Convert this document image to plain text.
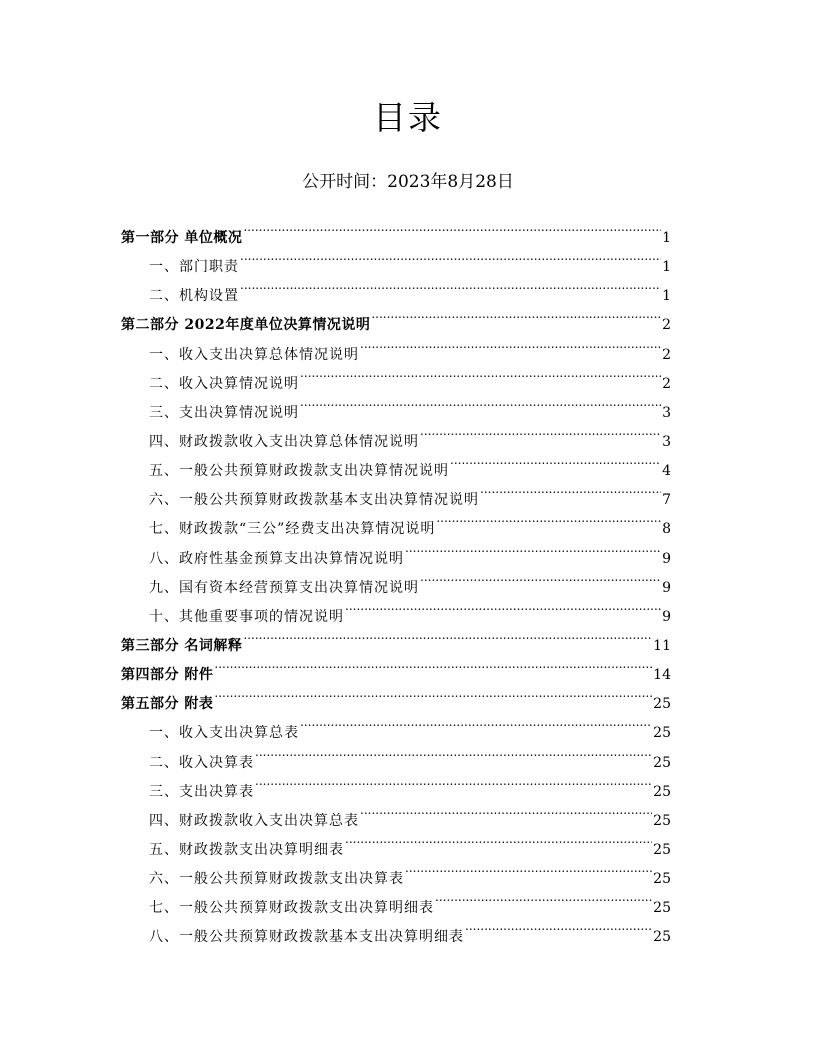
目录
公开时间：2023年8月28日
第一部分 单位概况 .....	1
一、部门职责 .....	1
二、机构设置 .....	1
第二部分 2022年度单位决算情况说明 .....	2
一、收入支出决算总体情况说明 .....	2
二、收入决算情况说明 .....	2
三、支出决算情况说明 .....	3
四、财政拨款收入支出决算总体情况说明 .....	3
五、一般公共预算财政拨款支出决算情况说明 .....	4
六、一般公共预算财政拨款基本支出决算情况说明 .....	7
七、财政拨款“三公”经费支出决算情况说明 .....	8
八、政府性基金预算支出决算情况说明 .....	9
九、国有资本经营预算支出决算情况说明 .....	9
十、其他重要事项的情况说明 .....	9
第三部分 名词解释 .....	11
第四部分 附件 .....	14
第五部分 附表 .....	25
一、收入支出决算总表 .....	25
二、收入决算表 .....	25
三、支出决算表 .....	25
四、财政拨款收入支出决算总表 .....	25
五、财政拨款支出决算明细表 .....	25
六、一般公共预算财政拨款支出决算表 .....	25
七、一般公共预算财政拨款支出决算明细表 .....	25
八、一般公共预算财政拨款基本支出决算明细表 .....	25
